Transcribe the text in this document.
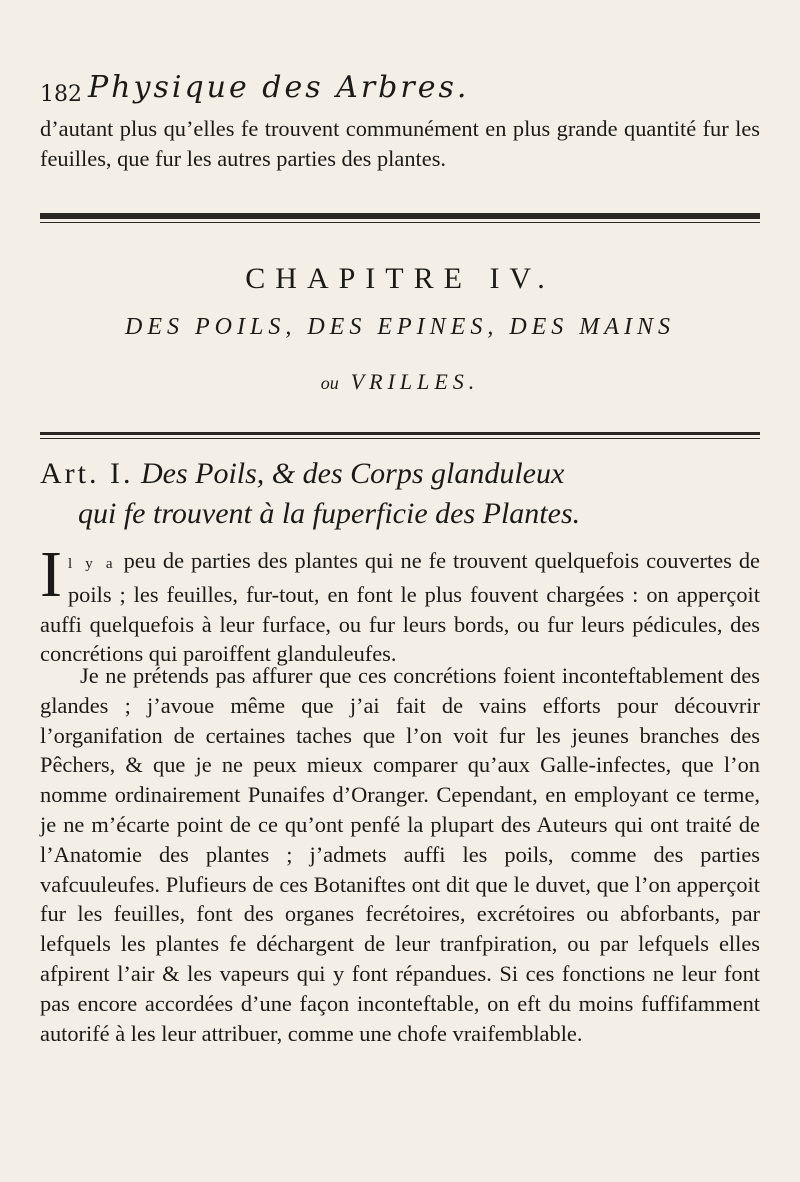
182 Physique des Arbres.
d’autant plus qu’elles fe trouvent communément en plus grande quantité fur les feuilles, que fur les autres parties des plantes.
CHAPITRE IV.
DES POILS, DES EPINES, DES MAINS
ou VRILLES.
Art. I. Des Poils, & des Corps glanduleux
qui fe trouvent à la fuperficie des Plantes.
Il y a peu de parties des plantes qui ne fe trouvent quelquefois couvertes de poils ; les feuilles, fur-tout, en font le plus fouvent chargées : on apperçoit auffi quelquefois à leur furface, ou fur leurs bords, ou fur leurs pédicules, des concrétions qui paroiffent glanduleufes.
Je ne prétends pas affurer que ces concrétions foient inconteftablement des glandes ; j’avoue même que j’ai fait de vains efforts pour découvrir l’organifation de certaines taches que l’on voit fur les jeunes branches des Pêchers, & que je ne peux mieux comparer qu’aux Galle-infectes, que l’on nomme ordinairement Punaifes d’Oranger. Cependant, en employant ce terme, je ne m’écarte point de ce qu’ont penfé la plupart des Auteurs qui ont traité de l’Anatomie des plantes ; j’admets auffi les poils, comme des parties vafcuuleufes. Plufieurs de ces Botaniftes ont dit que le duvet, que l’on apperçoit fur les feuilles, font des organes fecrétoires, excrétoires ou abforbants, par lefquels les plantes fe déchargent de leur tranfpiration, ou par lefquels elles afpirent l’air & les vapeurs qui y font répandues. Si ces fonctions ne leur font pas encore accordées d’une façon inconteftable, on eft du moins fuffifamment autorifé à les leur attribuer, comme une chofe vraifemblable.
